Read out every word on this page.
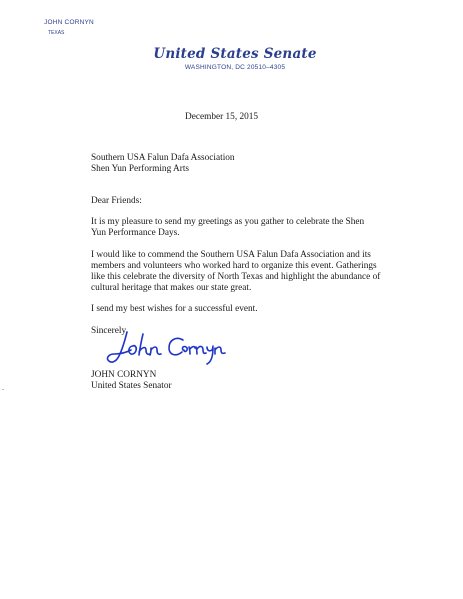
JOHN CORNYN
TEXAS
United States Senate
WASHINGTON, DC 20510–4305
December 15, 2015
Southern USA Falun Dafa Association
Shen Yun Performing Arts
Dear Friends:

It is my pleasure to send my greetings as you gather to celebrate the Shen Yun Performance Days.

I would like to commend the Southern USA Falun Dafa Association and its members and volunteers who worked hard to organize this event. Gatherings like this celebrate the diversity of North Texas and highlight the abundance of cultural heritage that makes our state great.

I send my best wishes for a successful event.

Sincerely,
JOHN CORNYN
United States Senator
